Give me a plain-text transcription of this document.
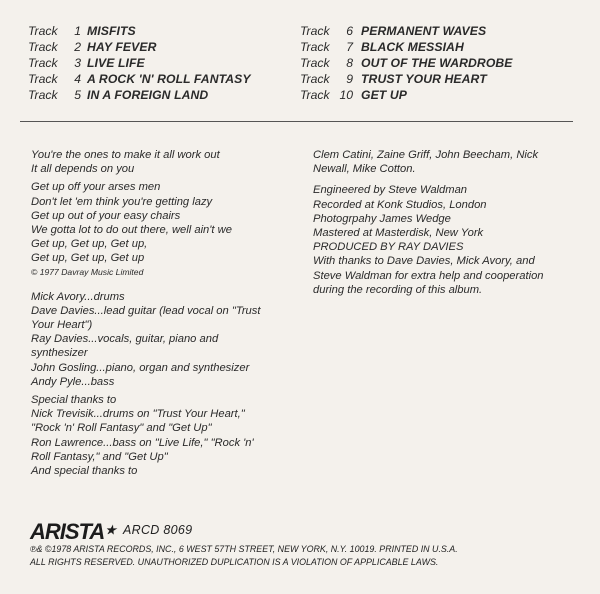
Track	1 MISFITS
Track	2 HAY FEVER
Track	3 LIVE LIFE
Track	4 A ROCK 'N' ROLL FANTASY
Track	5 IN A FOREIGN LAND
Track	6 PERMANENT WAVES
Track	7 BLACK MESSIAH
Track	8 OUT OF THE WARDROBE
Track	9 TRUST YOUR HEART
Track 10 GET UP
You're the ones to make it all work out
It all depends on you
Get up off your arses men
Don't let 'em think you're getting lazy
Get up out of your easy chairs
We gotta lot to do out there, well ain't we
Get up, Get up, Get up,
Get up, Get up, Get up
© 1977 Davray Music Limited
Mick Avory...drums
Dave Davies...lead guitar (lead vocal on "Trust
Your Heart")
Ray Davies...vocals, guitar, piano and
synthesizer
John Gosling...piano, organ and synthesizer
Andy Pyle...bass
Special thanks to
Nick Trevisik...drums on "Trust Your Heart,"
"Rock 'n' Roll Fantasy" and "Get Up"
Ron Lawrence...bass on "Live Life," "Rock 'n'
Roll Fantasy," and "Get Up"
And special thanks to
Clem Catini, Zaine Griff, John Beecham, Nick
Newall, Mike Cotton.
Engineered by Steve Waldman
Recorded at Konk Studios, London
Photogrpahy James Wedge
Mastered at Masterdisk, New York
PRODUCED BY RAY DAVIES
With thanks to Dave Davies, Mick Avory, and
Steve Waldman for extra help and cooperation
during the recording of this album.
ARISTA ★ ARCD 8069
℗& ©1978 ARISTA RECORDS, INC., 6 WEST 57TH STREET, NEW YORK, N.Y. 10019. PRINTED IN U.S.A.
ALL RIGHTS RESERVED. UNAUTHORIZED DUPLICATION IS A VIOLATION OF APPLICABLE LAWS.
